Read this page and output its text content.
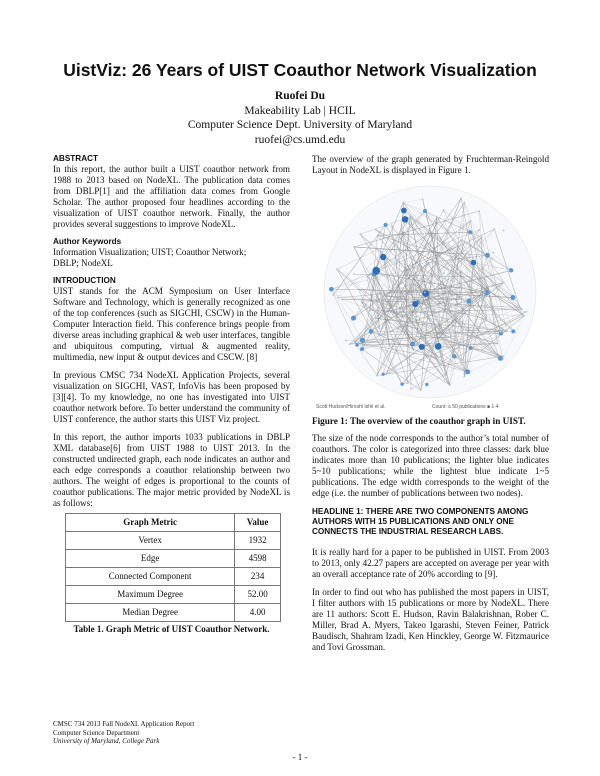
UistViz: 26 Years of UIST Coauthor Network Visualization
Ruofei Du
Makeability Lab | HCIL
Computer Science Dept. University of Maryland
ruofei@cs.umd.edu
ABSTRACT

In this report, the author built a UIST coauthor network from 1988 to 2013 based on NodeXL. The publication data comes from DBLP[1] and the affiliation data comes from Google Scholar. The author proposed four headlines according to the visualization of UIST coauthor network. Finally, the author provides several suggestions to improve NodeXL.

Author Keywords
Information Visualization; UIST; Coauthor Network;
DBLP; NodeXL
INTRODUCTION

UIST stands for the ACM Symposium on User Interface Software and Technology, which is generally recognized as one of the top conferences (such as SIGCHI, CSCW) in the Human-Computer Interaction field. This conference brings people from diverse areas including graphical & web user interfaces, tangible and ubiquitous computing, virtual & augmented reality, multimedia, new input & output devices and CSCW. [8]

In previous CMSC 734 NodeXL Application Projects, several visualization on SIGCHI, VAST, InfoVis has been proposed by [3][4]. To my knowledge, no one has investigated into UIST coauthor network before. To better understand the community of UIST conference, the author starts this UIST Viz project.

In this report, the author imports 1033 publications in DBLP XML database[6] from UIST 1988 to UIST 2013. In the constructed undirected graph, each node indicates an author and each edge corresponds a coauthor relationship between two authors. The weight of edges is proportional to the counts of coauthor publications. The major metric provided by NodeXL is as follows:

Graph Metric	Value
Vertex	1932
Edge	4598
Connected Component	234
Maximum Degree	52.00
Median Degree	4.00
Table 1. Graph Metric of UIST Coauthor Network.

The overview of the graph generated by Fruchterman-Reingold Layout in NodeXL is displayed in Figure 1.

Scott Hudson/Hiroshi Ishii et al.	Count: ≤ 50 publications ■ 1-4
Figure 1: The overview of the coauthor graph in UIST.

The size of the node corresponds to the author’s total number of coauthors. The color is categorized into three classes: dark blue indicates more than 10 publications; the lighter blue indicates 5~10 publications; while the lightest blue indicate 1~5 publications. The edge width corresponds to the weight of the edge (i.e. the number of publications between two nodes).

HEADLINE 1: THERE ARE TWO COMPONENTS AMONG AUTHORS WITH 15 PUBLICATIONS AND ONLY ONE CONNECTS THE INDUSTRIAL RESEARCH LABS.

It is really hard for a paper to be published in UIST. From 2003 to 2013, only 42.27 papers are accepted on average per year with an overall acceptance rate of 20% according to [9].

In order to find out who has published the most papers in UIST, I filter authors with 15 publications or more by NodeXL. There are 11 authors: Scott E. Hudson, Ravin Balakrishnan, Rober C. Miller, Brad A. Myers, Takeo Igarashi, Steven Feiner, Patrick Baudisch, Shahram Izadi, Ken Hinckley, George W. Fitzmaurice and Tovi Grossman.

CMSC 734 2013 Fall NodeXL Application Report
Computer Science Department
University of Maryland, College Park
- 1 -
